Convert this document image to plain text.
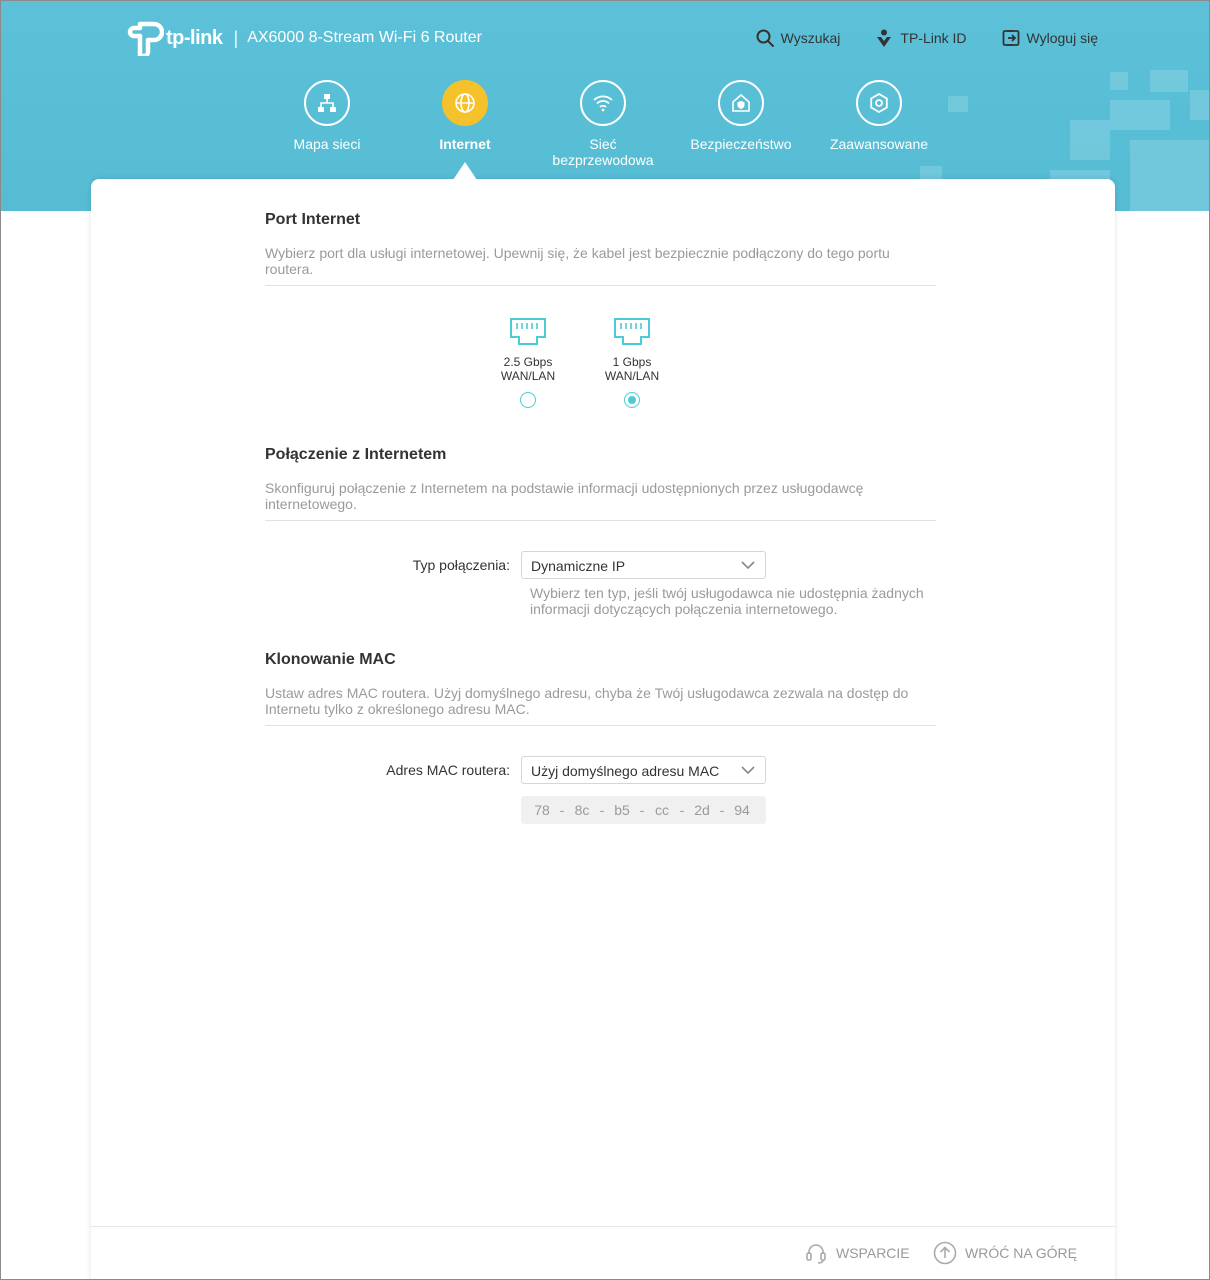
tp-link | AX6000 8-Stream Wi-Fi 6 Router	Wyszukaj	TP-Link ID	Wyloguj się
Mapa sieci	Internet	Sieć bezprzewodowa
Bezpieczeństwo	Zaawansowane
Port Internet
Wybierz port dla usługi internetowej. Upewnij się, że kabel jest bezpiecznie podłączony do tego portu routera.
2.5 Gbps
WAN/LAN
1 Gbps
WAN/LAN
Połączenie z Internetem
Skonfiguruj połączenie z Internetem na podstawie informacji udostępnionych przez usługodawcę internetowego.
Typ połączenia:	Dynamiczne IP
Wybierz ten typ, jeśli twój usługodawca nie udostępnia żadnych informacji dotyczących połączenia internetowego.
Klonowanie MAC
Ustaw adres MAC routera. Użyj domyślnego adresu, chyba że Twój usługodawca zezwala na dostęp do Internetu tylko z określonego adresu MAC.
Adres MAC routera:	Użyj domyślnego adresu MAC
78 - 8c - b5 - cc - 2d - 94
WSPARCIE	WRÓĆ NA GÓRĘ
